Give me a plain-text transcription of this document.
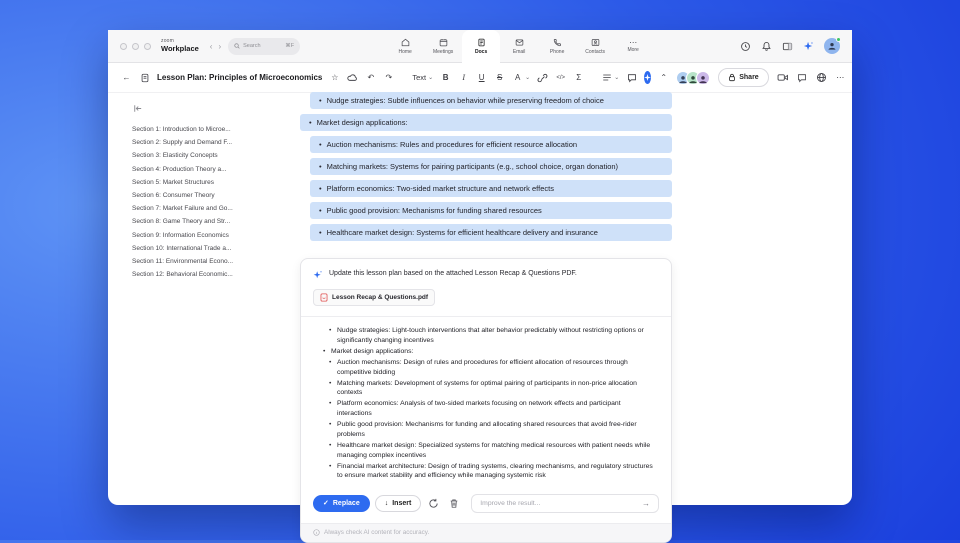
zoom
Workplace	‹ ›	Search	⌘F
Home	Meetings	Docs	Email	Phone	Contacts
⋯
More
←	Lesson Plan: Principles of Microeconomics ☆	↶ ↷	Text ⌄	B	I	U	S	A ⌄	</>	Σ	⌄	⌃	Share	⋯
Section 1: Introduction to Microe...
Section 2: Supply and Demand F...
Section 3: Elasticity Concepts
Section 4: Production Theory a...
Section 5: Market Structures
Section 6: Consumer Theory
Section 7: Market Failure and Go...
Section 8: Game Theory and Str...
Section 9: Information Economics
Section 10: International Trade a...
Section 11: Environmental Econo...
Section 12: Behavioral Economic...
• Nudge strategies: Subtle influences on behavior while preserving freedom of choice
• Market design applications:
• Auction mechanisms: Rules and procedures for efficient resource allocation
• Matching markets: Systems for pairing participants (e.g., school choice, organ donation)
• Platform economics: Two-sided market structure and network effects
• Public good provision: Mechanisms for funding shared resources
• Healthcare market design: Systems for efficient healthcare delivery and insurance
Update this lesson plan based on the attached Lesson Recap & Questions PDF.
Lesson Recap & Questions.pdf
• Nudge strategies: Light-touch interventions that alter behavior predictably without restricting options or significantly changing incentives
• Market design applications:
• Auction mechanisms: Design of rules and procedures for efficient allocation of resources through competitive bidding
• Matching markets: Development of systems for optimal pairing of participants in non-price allocation contexts
• Platform economics: Analysis of two-sided markets focusing on network effects and participant interactions
• Public good provision: Mechanisms for funding and allocating shared resources that avoid free-rider problems
• Healthcare market design: Specialized systems for matching medical resources with patient needs while managing complex incentives
• Financial market architecture: Design of trading systems, clearing mechanisms, and regulatory structures to ensure market stability and efficiency while managing systemic risk
✓ Replace	↓ Insert
Improve the result...	→
Always check AI content for accuracy.
